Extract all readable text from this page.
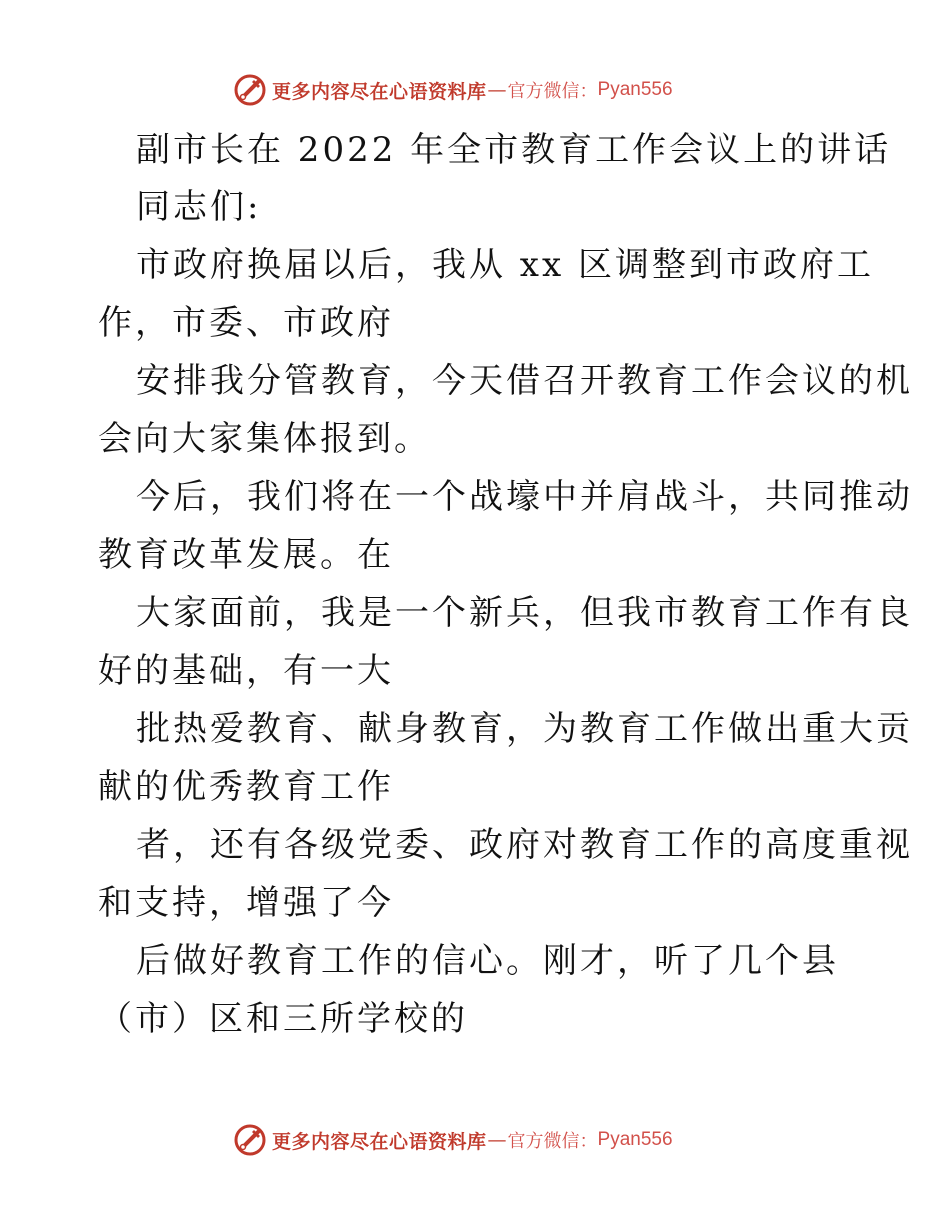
更多内容尽在心语资料库 — 官方微信： Pyan556
副市长在 2022 年全市教育工作会议上的讲话
同志们:
市政府换届以后，我从 xx 区调整到市政府工
作，市委、市政府
安排我分管教育，今天借召开教育工作会议的机
会向大家集体报到。
今后，我们将在一个战壕中并肩战斗，共同推动
教育改革发展。在
大家面前，我是一个新兵，但我市教育工作有良
好的基础，有一大
批热爱教育、献身教育，为教育工作做出重大贡
献的优秀教育工作
者，还有各级党委、政府对教育工作的高度重视
和支持，增强了今
后做好教育工作的信心。刚才，听了几个县
（市）区和三所学校的
更多内容尽在心语资料库 — 官方微信： Pyan556
